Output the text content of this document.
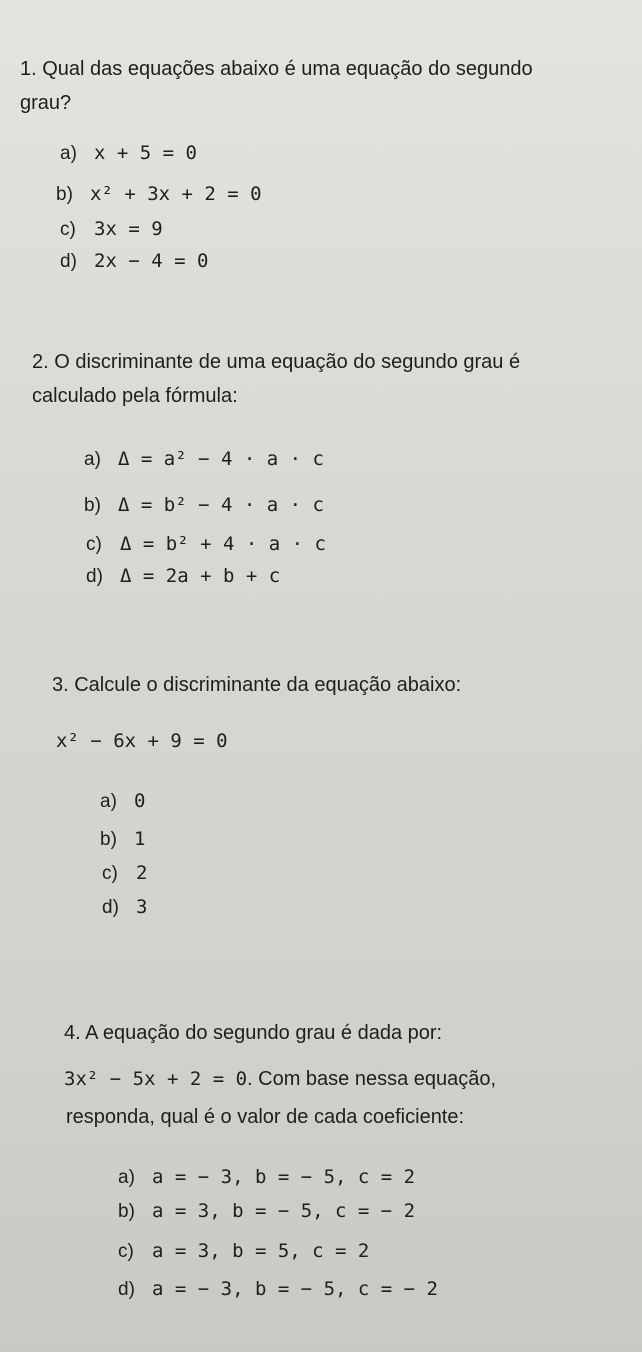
1. Qual das equações abaixo é uma equação do segundo grau?
a) x + 5 = 0
b) x² + 3x + 2 = 0
c) 3x = 9
d) 2x − 4 = 0
2. O discriminante de uma equação do segundo grau é calculado pela fórmula:
a) Δ = a² − 4 · a · c
b) Δ = b² − 4 · a · c
c) Δ = b² + 4 · a · c
d) Δ = 2a + b + c
3. Calcule o discriminante da equação abaixo:
x² − 6x + 9 = 0
a) 0
b) 1
c) 2
d) 3
4. A equação do segundo grau é dada por:
3x² − 5x + 2 = 0. Com base nessa equação,
responda, qual é o valor de cada coeficiente:
a) a = − 3, b = − 5, c = 2
b) a = 3, b = − 5, c = − 2
c) a = 3, b = 5, c = 2
d) a = − 3, b = − 5, c = − 2
